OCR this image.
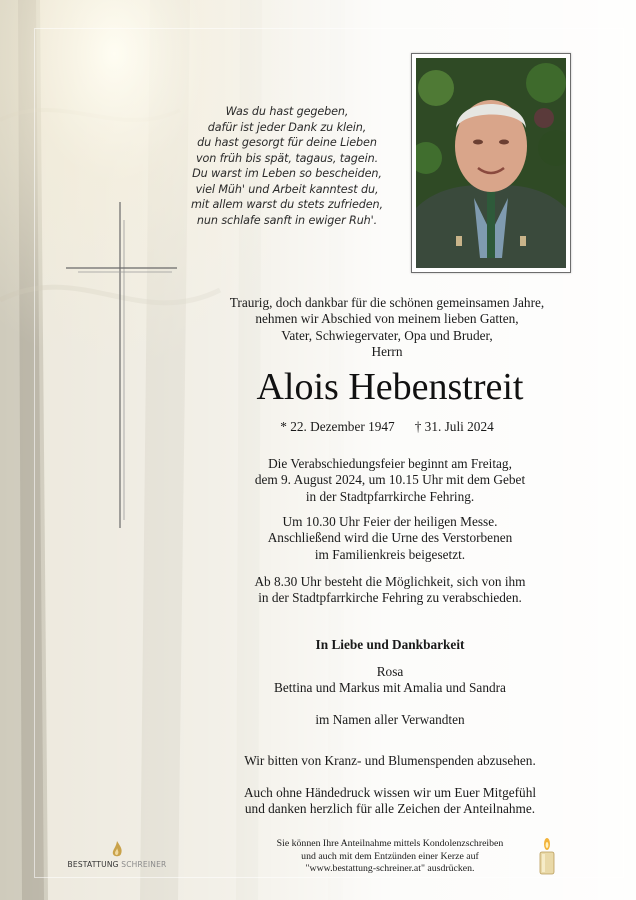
Was du hast gegeben,
dafür ist jeder Dank zu klein,
du hast gesorgt für deine Lieben
von früh bis spät, tagaus, tagein.
Du warst im Leben so bescheiden,
viel Müh' und Arbeit kanntest du,
mit allem warst du stets zufrieden,
nun schlafe sanft in ewiger Ruh'.
Traurig, doch dankbar für die schönen gemeinsamen Jahre,
nehmen wir Abschied von meinem lieben Gatten,
Vater, Schwiegervater, Opa und Bruder,
Herrn
Alois Hebenstreit
* 22. Dezember 1947 † 31. Juli 2024
Die Verabschiedungsfeier beginnt am Freitag,
dem 9. August 2024, um 10.15 Uhr mit dem Gebet
in der Stadtpfarrkirche Fehring.
Um 10.30 Uhr Feier der heiligen Messe.
Anschließend wird die Urne des Verstorbenen
im Familienkreis beigesetzt.
Ab 8.30 Uhr besteht die Möglichkeit, sich von ihm
in der Stadtpfarrkirche Fehring zu verabschieden.
In Liebe und Dankbarkeit
Rosa
Bettina und Markus mit Amalia und Sandra
im Namen aller Verwandten
Wir bitten von Kranz- und Blumenspenden abzusehen.
Auch ohne Händedruck wissen wir um Euer Mitgefühl
und danken herzlich für alle Zeichen der Anteilnahme.
Sie können Ihre Anteilnahme mittels Kondolenzschreiben
und auch mit dem Entzünden einer Kerze auf
"www.bestattung-schreiner.at" ausdrücken.
BESTATTUNG SCHREINER
